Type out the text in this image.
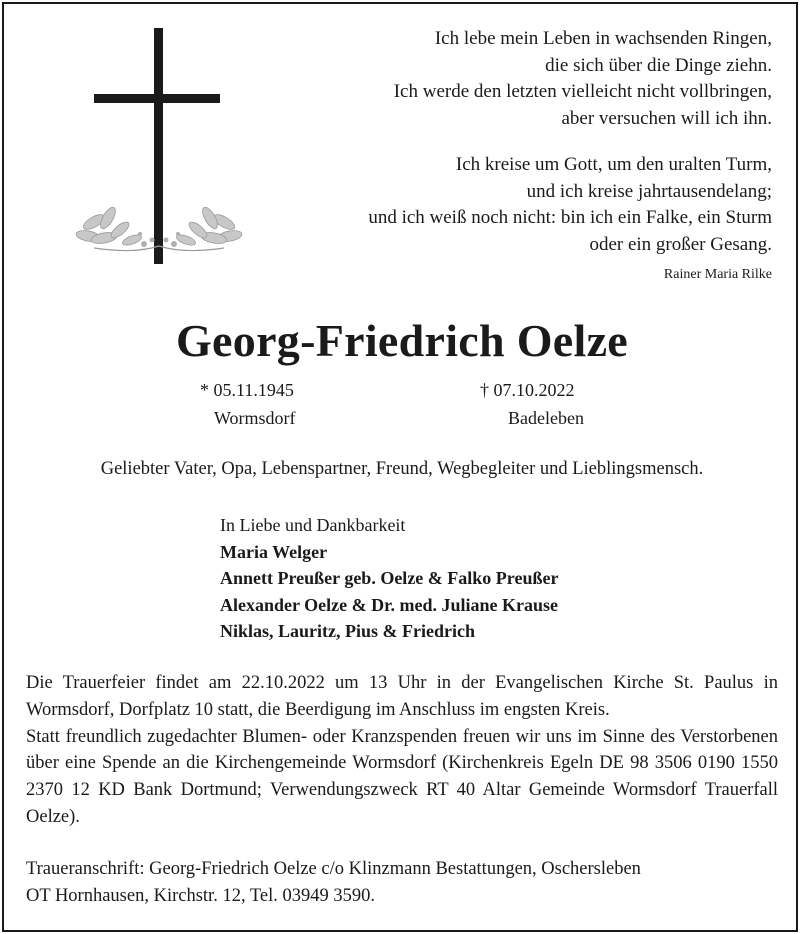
Ich lebe mein Leben in wachsenden Ringen,
die sich über die Dinge ziehn.
Ich werde den letzten vielleicht nicht vollbringen,
aber versuchen will ich ihn.
Ich kreise um Gott, um den uralten Turm,
und ich kreise jahrtausendelang;
und ich weiß noch nicht: bin ich ein Falke, ein Sturm
oder ein großer Gesang.
Rainer Maria Rilke
Georg-Friedrich Oelze
* 05.11.1945
Wormsdorf
† 07.10.2022
Badeleben
Geliebter Vater, Opa, Lebenspartner, Freund, Wegbegleiter und Lieblingsmensch.
In Liebe und Dankbarkeit
Maria Welger
Annett Preußer geb. Oelze & Falko Preußer
Alexander Oelze & Dr. med. Juliane Krause
Niklas, Lauritz, Pius & Friedrich

Die Trauerfeier findet am 22.10.2022 um 13 Uhr in der Evangelischen Kirche St. Paulus in Wormsdorf, Dorfplatz 10 statt, die Beerdigung im Anschluss im engsten Kreis.

Statt freundlich zugedachter Blumen- oder Kranzspenden freuen wir uns im Sinne des Verstorbenen über eine Spende an die Kirchengemeinde Wormsdorf (Kirchenkreis Egeln DE 98 3506 0190 1550 2370 12 KD Bank Dortmund; Verwendungszweck RT 40 Altar Gemeinde Wormsdorf Trauerfall Oelze).

Traueranschrift: Georg-Friedrich Oelze c/o Klinzmann Bestattungen, Oschersleben
OT Hornhausen, Kirchstr. 12, Tel. 03949 3590.
